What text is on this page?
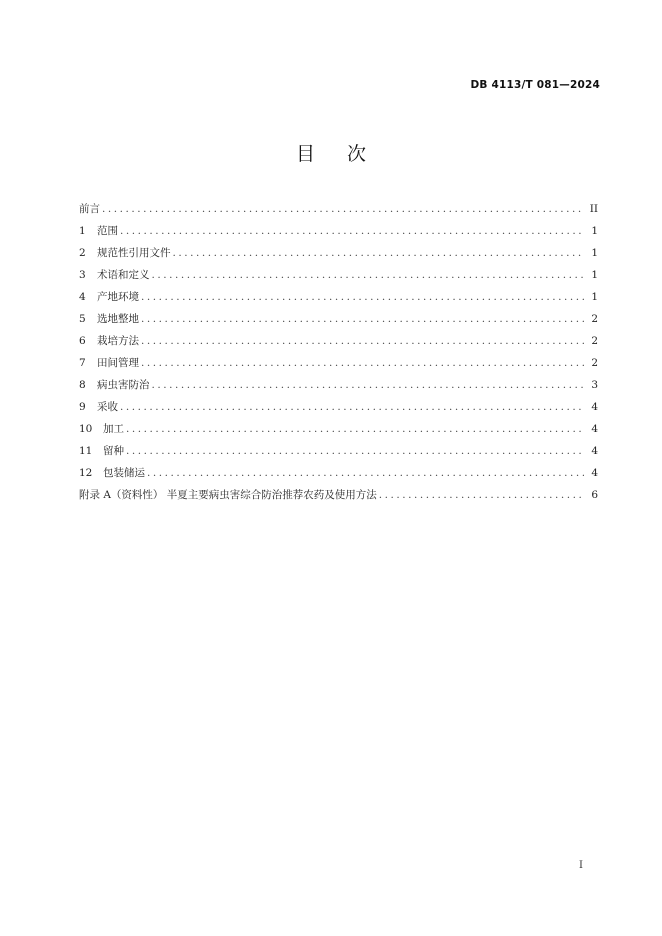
DB 4113/T 081—2024
目次
前言 . . .	II
1	范围 . . .	1
2	规范性引用文件 . . .	1
3	术语和定义 . . .	1
4	产地环境 . . .	1
5	选地整地 . . .	2
6	栽培方法 . . .	2
7	田间管理 . . .	2
8	病虫害防治 . . .	3
9	采收 . . .	4
10	加工 . . .	4
11	留种 . . .	4
12	包装储运 . . .	4
附录 A（资料性） 半夏主要病虫害综合防治推荐农药及使用方法 . . .	6
I
